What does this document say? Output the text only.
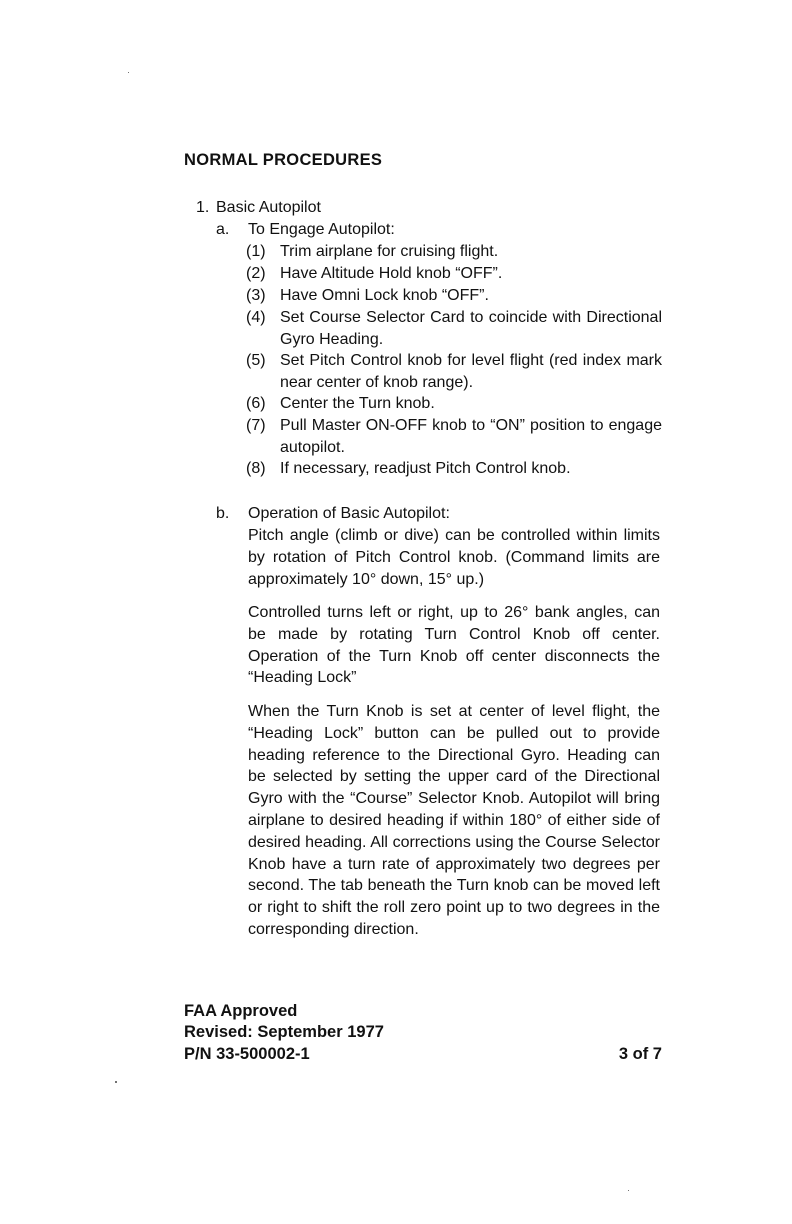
NORMAL PROCEDURES
1. Basic Autopilot
a. To Engage Autopilot:
(1) Trim airplane for cruising flight.
(2) Have Altitude Hold knob “OFF”.
(3) Have Omni Lock knob “OFF”.
(4) Set Course Selector Card to coincide with Directional Gyro Heading.
(5) Set Pitch Control knob for level flight (red index mark near center of knob range).
(6) Center the Turn knob.
(7) Pull Master ON-OFF knob to “ON” position to engage autopilot.
(8) If necessary, readjust Pitch Control knob.
b. Operation of Basic Autopilot:
Pitch angle (climb or dive) can be controlled within limits by rotation of Pitch Control knob. (Command limits are approximately 10° down, 15° up.)
Controlled turns left or right, up to 26° bank angles, can be made by rotating Turn Control Knob off center. Operation of the Turn Knob off center disconnects the “Heading Lock”
When the Turn Knob is set at center of level flight, the “Heading Lock” button can be pulled out to provide heading reference to the Directional Gyro. Heading can be selected by setting the upper card of the Directional Gyro with the “Course” Selector Knob. Autopilot will bring airplane to desired heading if within 180° of either side of desired heading. All corrections using the Course Selector Knob have a turn rate of approximately two degrees per second. The tab beneath the Turn knob can be moved left or right to shift the roll zero point up to two degrees in the corresponding direction.
FAA Approved
Revised: September 1977
P/N 33-500002-1	3 of 7
